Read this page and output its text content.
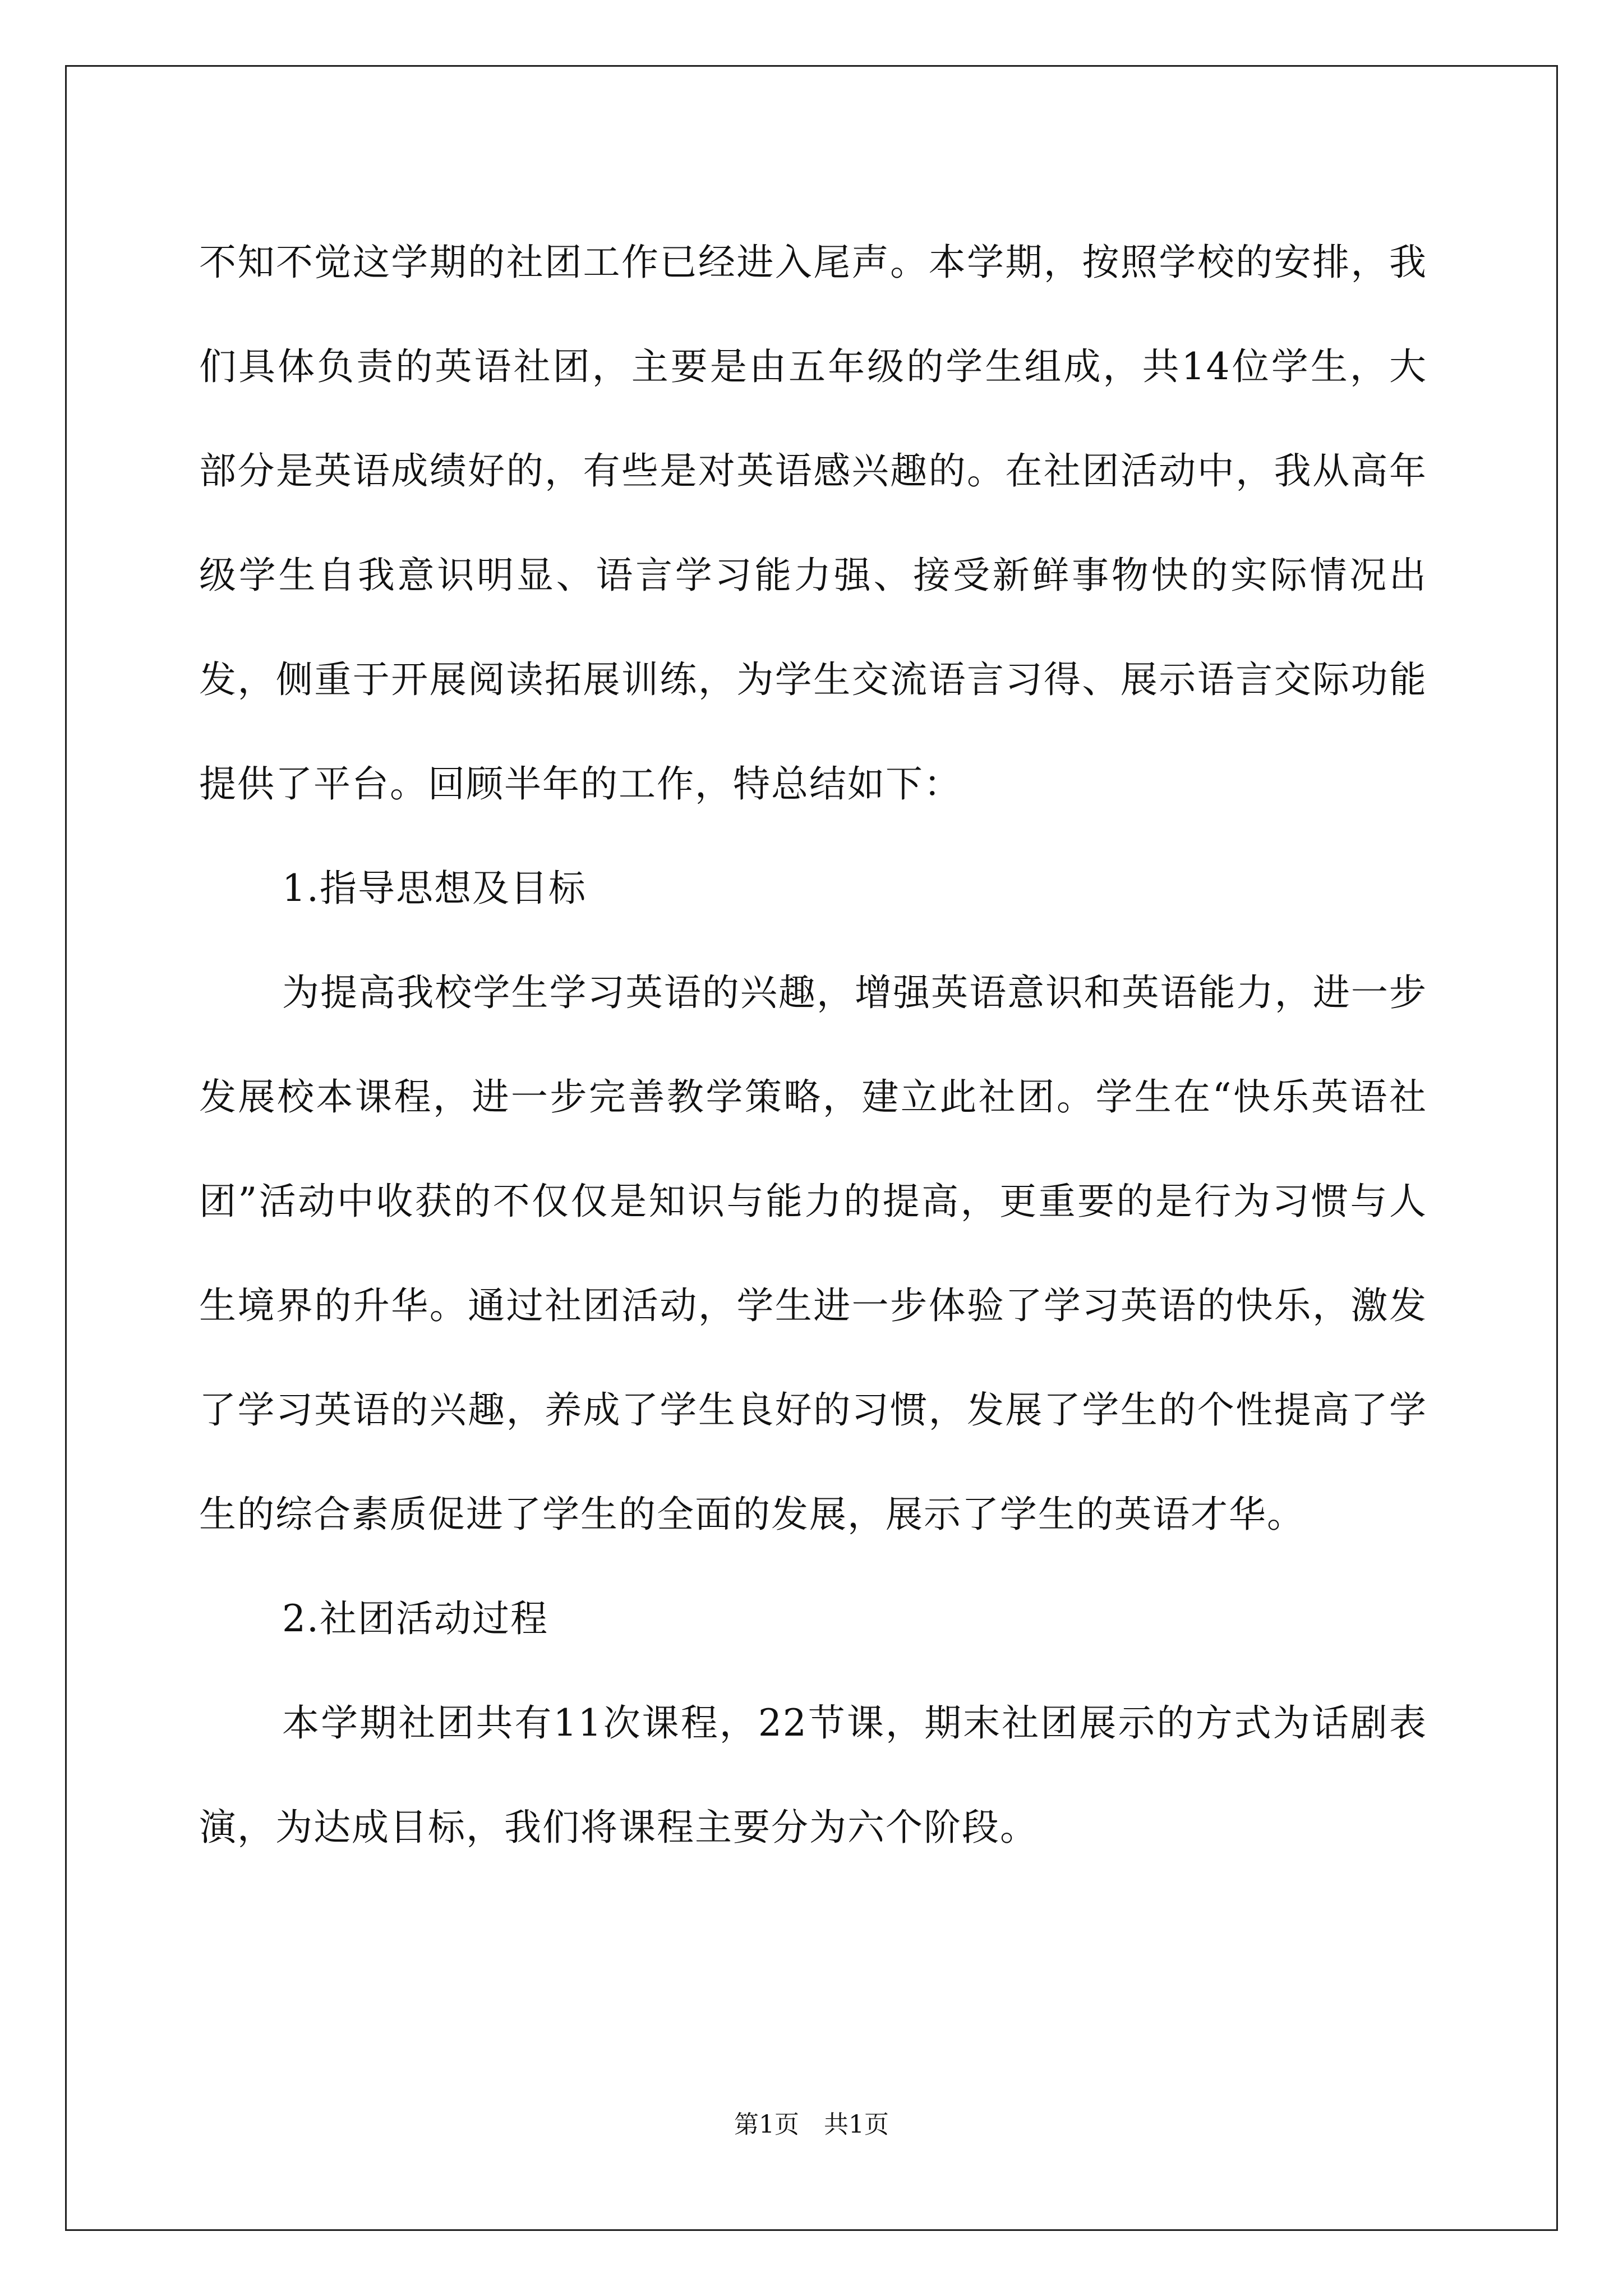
不知不觉这学期的社团工作已经进入尾声。本学期，按照学校的安排，我们具体负责的英语社团，主要是由五年级的学生组成，共14位学生，大部分是英语成绩好的，有些是对英语感兴趣的。在社团活动中，我从高年级学生自我意识明显、语言学习能力强、接受新鲜事物快的实际情况出发，侧重于开展阅读拓展训练，为学生交流语言习得、展示语言交际功能提供了平台。回顾半年的工作，特总结如下：

1.指导思想及目标

为提高我校学生学习英语的兴趣，增强英语意识和英语能力，进一步发展校本课程，进一步完善教学策略，建立此社团。学生在“快乐英语社团”活动中收获的不仅仅是知识与能力的提高，更重要的是行为习惯与人生境界的升华。通过社团活动，学生进一步体验了学习英语的快乐，激发了学习英语的兴趣，养成了学生良好的习惯，发展了学生的个性提高了学生的综合素质促进了学生的全面的发展，展示了学生的英语才华。

2.社团活动过程

本学期社团共有11次课程，22节课，期末社团展示的方式为话剧表演，为达成目标，我们将课程主要分为六个阶段。

第1页　共1页
